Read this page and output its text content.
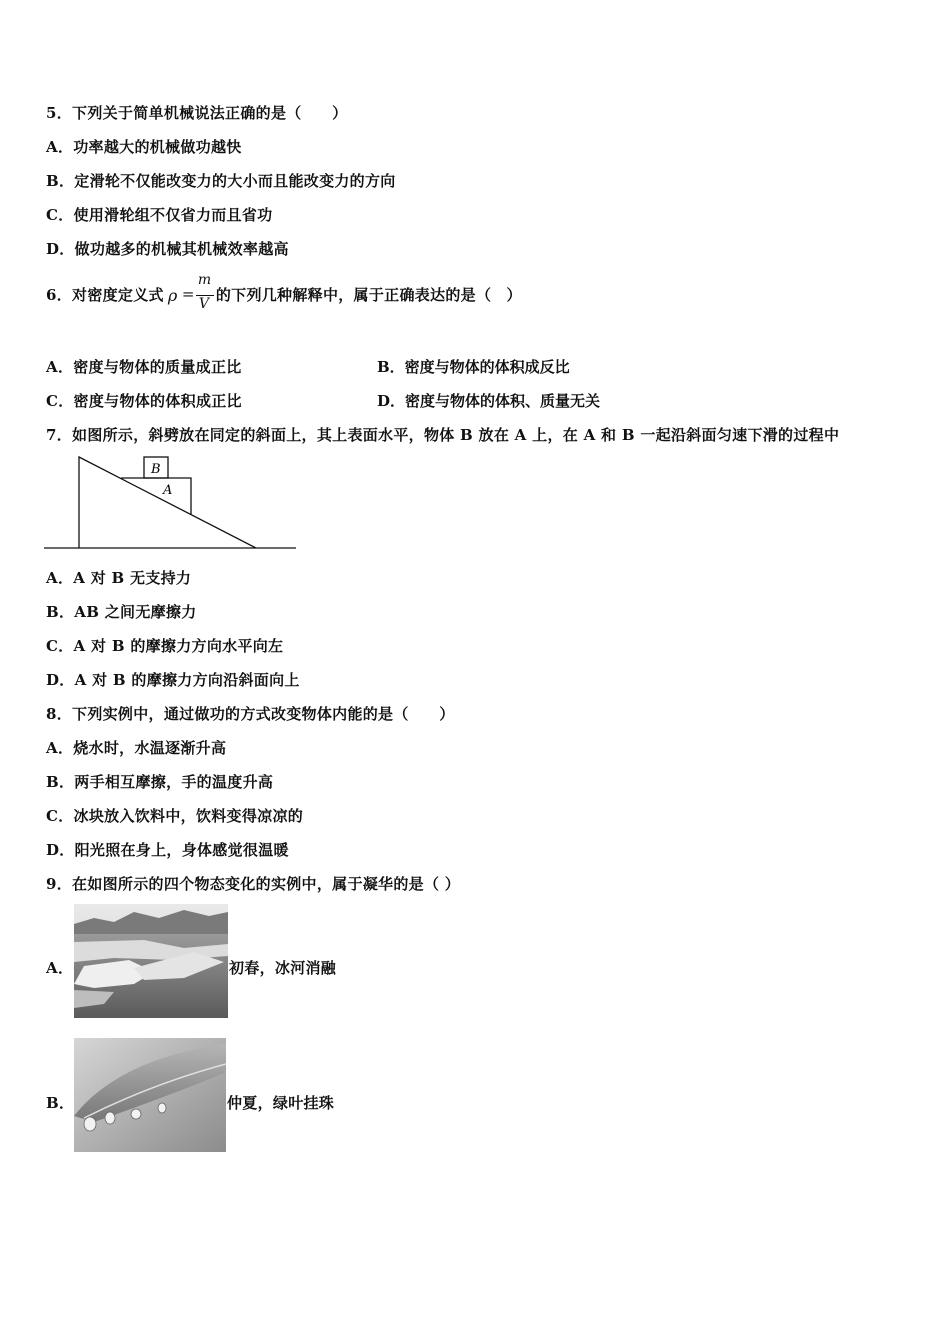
5．下列关于简单机械说法正确的是（　　）
A．功率越大的机械做功越快
B．定滑轮不仅能改变力的大小而且能改变力的方向
C．使用滑轮组不仅省力而且省功
D．做功越多的机械其机械效率越高
6．对密度定义式 ρ =
m
V 的下列几种解释中，属于正确表达的是（　）
A．密度与物体的质量成正比	B．密度与物体的体积成反比
C．密度与物体的体积成正比	D．密度与物体的体积、质量无关
7．如图所示，斜劈放在同定的斜面上，其上表面水平，物体 B 放在 A 上，在 A 和 B 一起沿斜面匀速下滑的过程中
B
A
A．A 对 B 无支持力
B．AB 之间无摩擦力
C．A 对 B 的摩擦力方向水平向左
D．A 对 B 的摩擦力方向沿斜面向上
8．下列实例中，通过做功的方式改变物体内能的是（　　）
A．烧水时，水温逐渐升高
B．两手相互摩擦，手的温度升高
C．冰块放入饮料中，饮料变得凉凉的
D．阳光照在身上，身体感觉很温暖
9．在如图所示的四个物态变化的实例中，属于凝华的是（ ）
A．	初春，冰河消融
B．	仲夏，绿叶挂珠
